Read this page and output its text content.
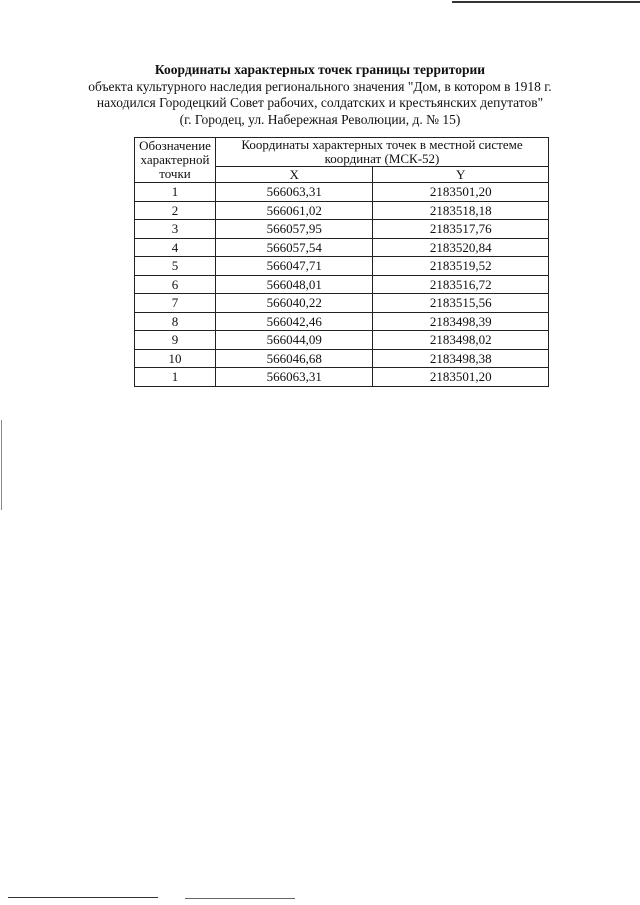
Координаты характерных точек границы территории
объекта культурного наследия регионального значения "Дом, в котором в 1918 г.
находился Городецкий Совет рабочих, солдатских и крестьянских депутатов"
(г. Городец, ул. Набережная Революции, д. № 15)
Обозначение
характерной
точки	Координаты характерных точек в местной системе координат (МСК-52)	
	X	Y
1	566063,31	2183501,20
2	566061,02	2183518,18
3	566057,95	2183517,76
4	566057,54	2183520,84
5	566047,71	2183519,52
6	566048,01	2183516,72
7	566040,22	2183515,56
8	566042,46	2183498,39
9	566044,09	2183498,02
10	566046,68	2183498,38
1	566063,31	2183501,20
